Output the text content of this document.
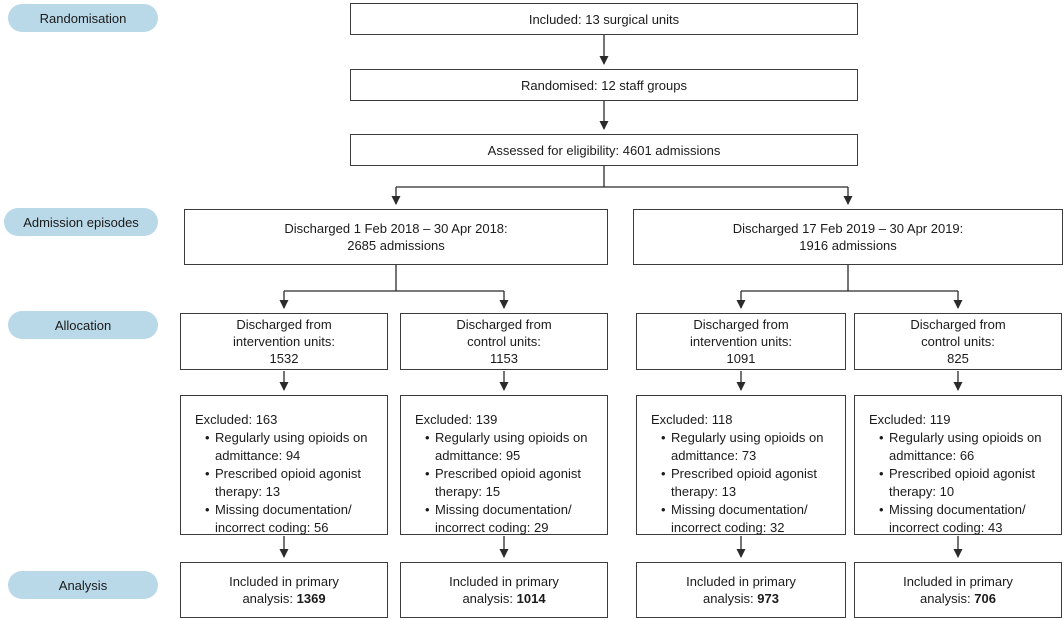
Randomisation
Admission episodes
Allocation
Analysis
Included: 13 surgical units
Randomised: 12 staff groups
Assessed for eligibility: 4601 admissions
Discharged 1 Feb 2018 – 30 Apr 2018:
2685 admissions
Discharged 17 Feb 2019 – 30 Apr 2019:
1916 admissions
Discharged from
intervention units:
1532
Discharged from
control units:
1153
Discharged from
intervention units:
1091
Discharged from
control units:
825
Excluded: 163
• Regularly using opioids on admittance: 94
• Prescribed opioid agonist therapy: 13
• Missing documentation/ incorrect coding: 56
Excluded: 139
• Regularly using opioids on admittance: 95
• Prescribed opioid agonist therapy: 15
• Missing documentation/ incorrect coding: 29
Excluded: 118
• Regularly using opioids on admittance: 73
• Prescribed opioid agonist therapy: 13
• Missing documentation/ incorrect coding: 32
Excluded: 119
• Regularly using opioids on admittance: 66
• Prescribed opioid agonist therapy: 10
• Missing documentation/ incorrect coding: 43
Included in primary
analysis: 1369
Included in primary
analysis: 1014
Included in primary
analysis: 973
Included in primary
analysis: 706
